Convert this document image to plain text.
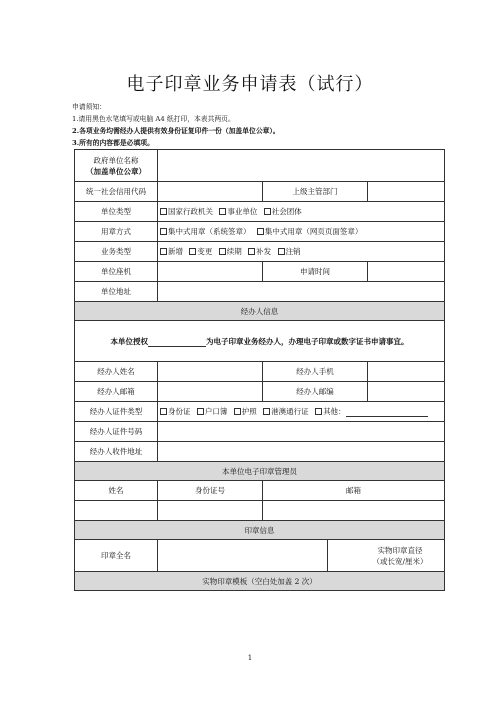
电子印章业务申请表（试行）
申请须知：
1.请用黑色水笔填写或电脑 A4 纸打印，本表共两页。
2.各项业务均需经办人提供有效身份证复印件一份（加盖单位公章）。
3.所有的内容都是必填项。
政府单位名称
（加盖单位公章）				

统一社会信用代码		上级主管部门		
单位类型	国家行政机关 事业单位 社会团体			
用章方式	集中式用章（系统签章） 集中式用章（网页页面签章）			
业务类型	新增 变更 续期 补发 注销			
单位座机		申请时间		
单位地址				
经办人信息				
本单位授权 为电子印章业务经办人，办理电子印章或数字证书申请事宜。				
经办人姓名		经办人手机		
经办人邮箱		经办人邮编		
经办人证件类型	身份证 户口簿 护照 港澳通行证 其他：			
经办人证件号码				
经办人收件地址				
本单位电子印章管理员				
姓名	身份证号	邮箱		

印章信息				
印章全名			实物印章直径
（或长宽/厘米）	

实物印章模板（空白处加盖 2 次）				
1
